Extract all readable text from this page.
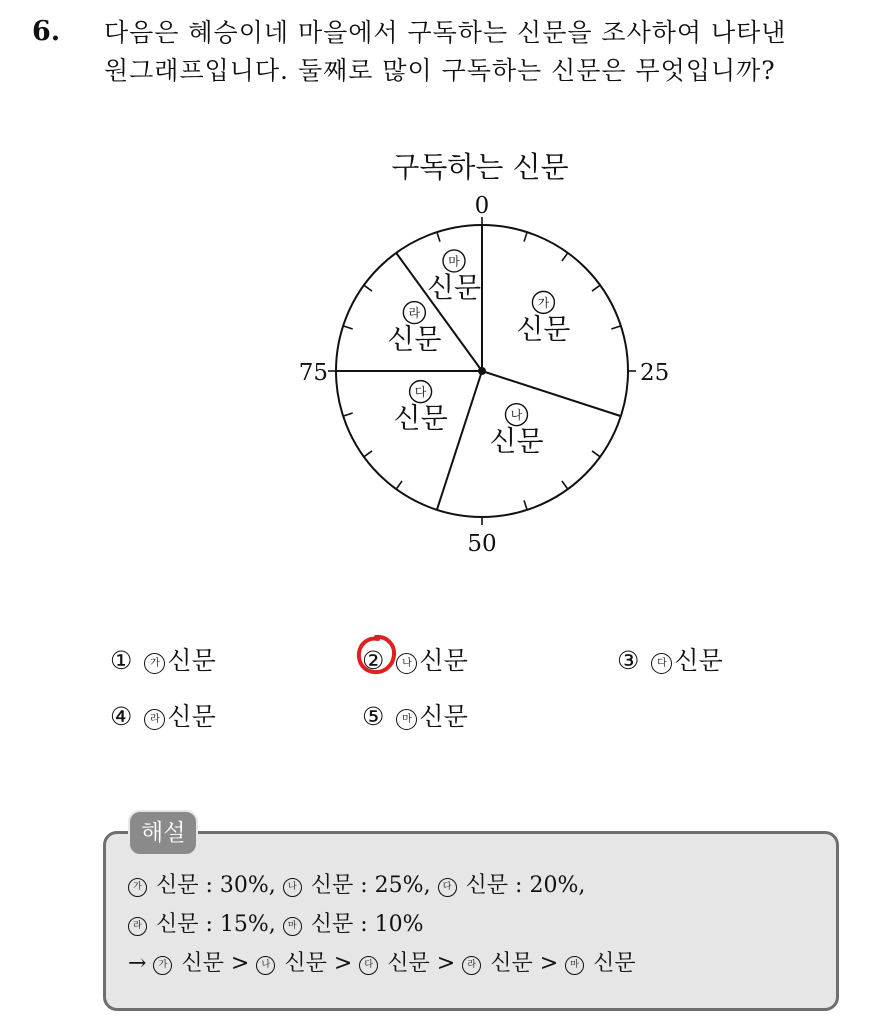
6. 다음은 혜승이네 마을에서 구독하는 신문을 조사하여 나타낸
원그래프입니다. 둘째로 많이 구독하는 신문은 무엇입니까?
구독하는 신문
가
신문
나
신문
다
신문
라
신문
마
신문
0
25
50
75
① 가 신문	② 나 신문	③ 다 신문
④ 라 신문	⑤ 마 신문
해설
가 신문 : 30%, 나 신문 : 25%, 다 신문 : 20%,
라 신문 : 15%, 마 신문 : 10%
→ 가 신문 > 나 신문 > 다 신문 > 라 신문 > 마 신문
